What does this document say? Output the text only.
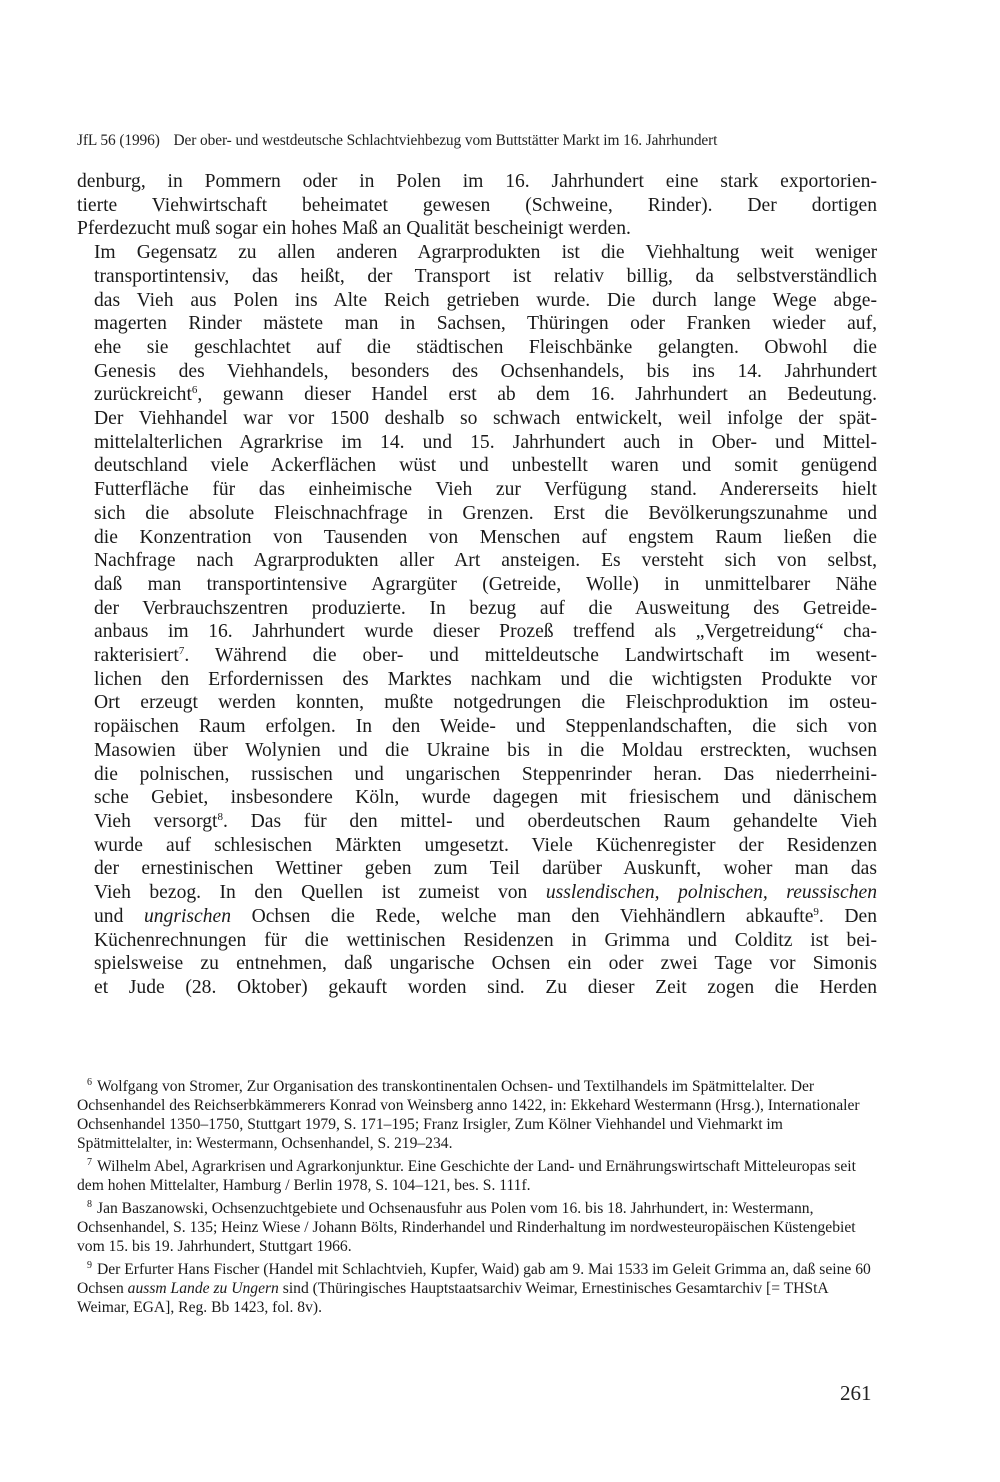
JfL 56 (1996) Der ober- und westdeutsche Schlachtviehbezug vom Buttstätter Markt im 16. Jahrhundert

denburg, in Pommern oder in Polen im 16. Jahrhundert eine stark exportorien-
tierte Viehwirtschaft beheimatet gewesen (Schweine, Rinder). Der dortigen
Pferdezucht muß sogar ein hohes Maß an Qualität bescheinigt werden.

Im Gegensatz zu allen anderen Agrarprodukten ist die Viehhaltung weit weniger
transportintensiv, das heißt, der Transport ist relativ billig, da selbstverständlich
das Vieh aus Polen ins Alte Reich getrieben wurde. Die durch lange Wege abge-
magerten Rinder mästete man in Sachsen, Thüringen oder Franken wieder auf,
ehe sie geschlachtet auf die städtischen Fleischbänke gelangten. Obwohl die
Genesis des Viehhandels, besonders des Ochsenhandels, bis ins 14. Jahrhundert
zurückreicht$^6$, gewann dieser Handel erst ab dem 16. Jahrhundert an Bedeutung.
Der Viehhandel war vor 1500 deshalb so schwach entwickelt, weil infolge der spät-
mittelalterlichen Agrarkrise im 14. und 15. Jahrhundert auch in Ober- und Mittel-
deutschland viele Ackerflächen wüst und unbestellt waren und somit genügend
Futterfläche für das einheimische Vieh zur Verfügung stand. Andererseits hielt
sich die absolute Fleischnachfrage in Grenzen. Erst die Bevölkerungszunahme und
die Konzentration von Tausenden von Menschen auf engstem Raum ließen die
Nachfrage nach Agrarprodukten aller Art ansteigen. Es versteht sich von selbst,
daß man transportintensive Agrargüter (Getreide, Wolle) in unmittelbarer Nähe
der Verbrauchszentren produzierte. In bezug auf die Ausweitung des Getreide-
anbaus im 16. Jahrhundert wurde dieser Prozeß treffend als „Vergetreidung“ cha-
rakterisiert$^7$. Während die ober- und mitteldeutsche Landwirtschaft im wesent-
lichen den Erfordernissen des Marktes nachkam und die wichtigsten Produkte vor
Ort erzeugt werden konnten, mußte notgedrungen die Fleischproduktion im osteu-
ropäischen Raum erfolgen. In den Weide- und Steppenlandschaften, die sich von
Masowien über Wolynien und die Ukraine bis in die Moldau erstreckten, wuchsen
die polnischen, russischen und ungarischen Steppenrinder heran. Das niederrheini-
sche Gebiet, insbesondere Köln, wurde dagegen mit friesischem und dänischem
Vieh versorgt$^8$. Das für den mittel- und oberdeutschen Raum gehandelte Vieh
wurde auf schlesischen Märkten umgesetzt. Viele Küchenregister der Residenzen
der ernestinischen Wettiner geben zum Teil darüber Auskunft, woher man das
Vieh bezog. In den Quellen ist zumeist von usslendischen, polnischen, reussischen
und ungrischen Ochsen die Rede, welche man den Viehhändlern abkaufte$^9$. Den
Küchenrechnungen für die wettinischen Residenzen in Grimma und Colditz ist bei-
spielsweise zu entnehmen, daß ungarische Ochsen ein oder zwei Tage vor Simonis
et Jude (28. Oktober) gekauft worden sind. Zu dieser Zeit zogen die Herden

$^6$ Wolfgang von Stromer, Zur Organisation des transkontinentalen Ochsen- und Textilhandels im Spätmittelalter. Der Ochsenhandel des Reichserbkämmerers Konrad von Weinsberg anno 1422, in: Ekkehard Westermann (Hrsg.), Internationaler Ochsenhandel 1350–1750, Stuttgart 1979, S. 171–195; Franz Irsigler, Zum Kölner Viehhandel und Viehmarkt im Spätmittelalter, in: Westermann, Ochsenhandel, S. 219–234.

$^7$ Wilhelm Abel, Agrarkrisen und Agrarkonjunktur. Eine Geschichte der Land- und Ernährungswirtschaft Mitteleuropas seit dem hohen Mittelalter, Hamburg / Berlin 1978, S. 104–121, bes. S. 111f.

$^8$ Jan Baszanowski, Ochsenzuchtgebiete und Ochsenausfuhr aus Polen vom 16. bis 18. Jahrhundert, in: Westermann, Ochsenhandel, S. 135; Heinz Wiese / Johann Bölts, Rinderhandel und Rinderhaltung im nordwesteuropäischen Küstengebiet vom 15. bis 19. Jahrhundert, Stuttgart 1966.

$^9$ Der Erfurter Hans Fischer (Handel mit Schlachtvieh, Kupfer, Waid) gab am 9. Mai 1533 im Geleit Grimma an, daß seine 60 Ochsen aussm Lande zu Ungern sind (Thüringisches Hauptstaatsarchiv Weimar, Ernestinisches Gesamtarchiv [= THStA Weimar, EGA], Reg. Bb 1423, fol. 8v).

261
